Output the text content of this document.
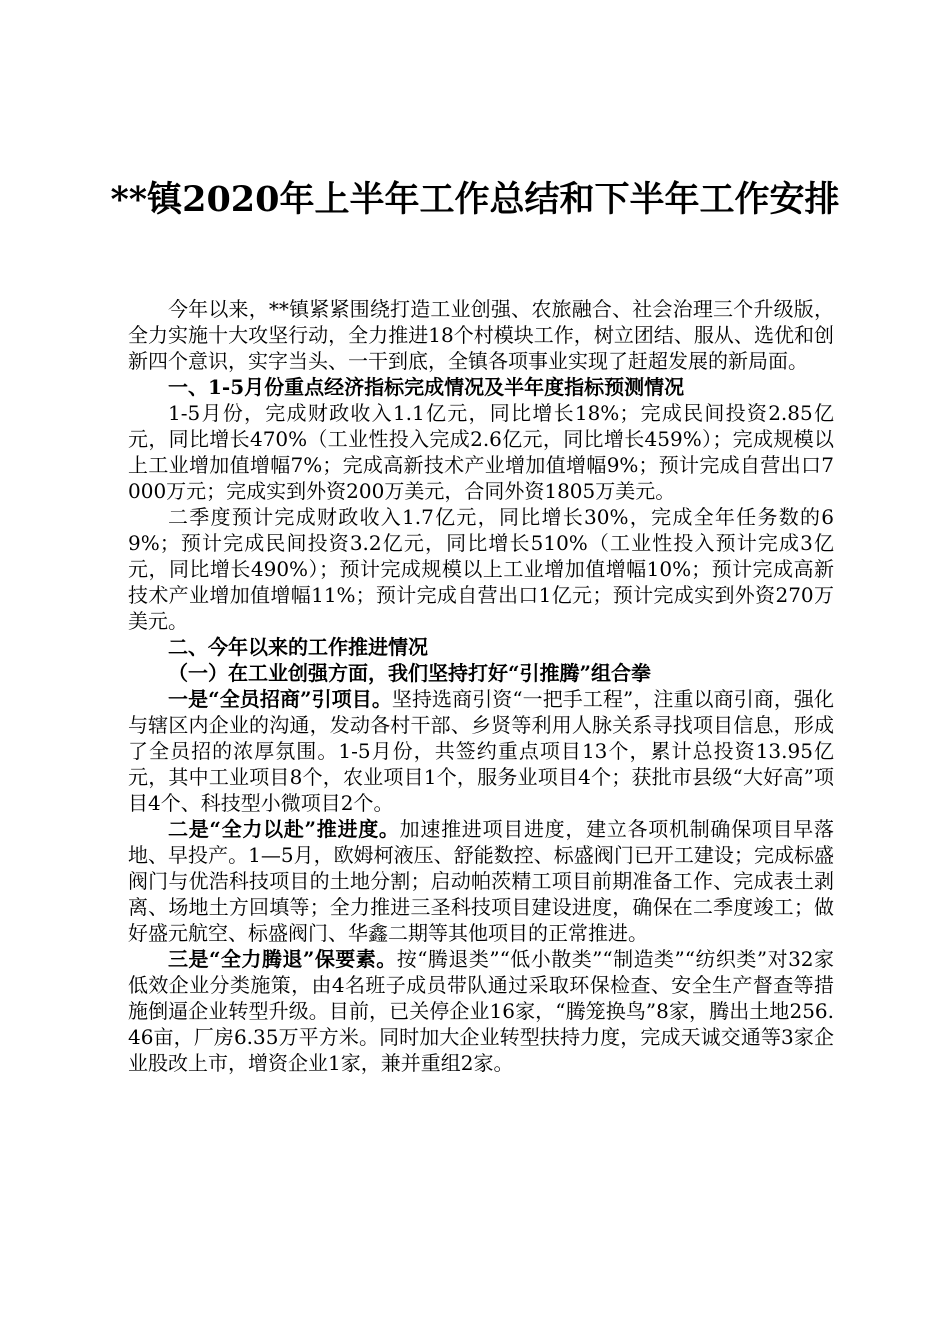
**镇2020年上半年工作总结和下半年工作安排

今年以来，**镇紧紧围绕打造工业创强、农旅融合、社会治理三个升级版，全力实施十大攻坚行动，全力推进18个村模块工作，树立团结、服从、选优和创新四个意识，实字当头、一干到底，全镇各项事业实现了赶超发展的新局面。

一、1-5月份重点经济指标完成情况及半年度指标预测情况

1-5月份，完成财政收入1.1亿元，同比增长18%；完成民间投资2.85亿元，同比增长470%（工业性投入完成2.6亿元，同比增长459%）；完成规模以上工业增加值增幅7%；完成高新技术产业增加值增幅9%；预计完成自营出口7000万元；完成实到外资200万美元，合同外资1805万美元。

二季度预计完成财政收入1.7亿元，同比增长30%，完成全年任务数的69%；预计完成民间投资3.2亿元，同比增长510%（工业性投入预计完成3亿元，同比增长490%）；预计完成规模以上工业增加值增幅10%；预计完成高新技术产业增加值增幅11%；预计完成自营出口1亿元；预计完成实到外资270万美元。

二、今年以来的工作推进情况

（一）在工业创强方面，我们坚持打好“引推腾”组合拳

一是“全员招商”引项目。坚持选商引资“一把手工程”，注重以商引商，强化与辖区内企业的沟通，发动各村干部、乡贤等利用人脉关系寻找项目信息，形成了全员招的浓厚氛围。1-5月份，共签约重点项目13个，累计总投资13.95亿元，其中工业项目8个，农业项目1个，服务业项目4个；获批市县级“大好高”项目4个、科技型小微项目2个。

二是“全力以赴”推进度。加速推进项目进度，建立各项机制确保项目早落地、早投产。1—5月，欧姆柯液压、舒能数控、标盛阀门已开工建设；完成标盛阀门与优浩科技项目的土地分割；启动帕茨精工项目前期准备工作、完成表土剥离、场地土方回填等；全力推进三圣科技项目建设进度，确保在二季度竣工；做好盛元航空、标盛阀门、华鑫二期等其他项目的正常推进。

三是“全力腾退”保要素。按“腾退类”“低小散类”“制造类”“纺织类”对32家低效企业分类施策，由4名班子成员带队通过采取环保检查、安全生产督查等措施倒逼企业转型升级。目前，已关停企业16家，“腾笼换鸟”8家，腾出土地256.46亩，厂房6.35万平方米。同时加大企业转型扶持力度，完成天诚交通等3家企业股改上市，增资企业1家，兼并重组2家。
